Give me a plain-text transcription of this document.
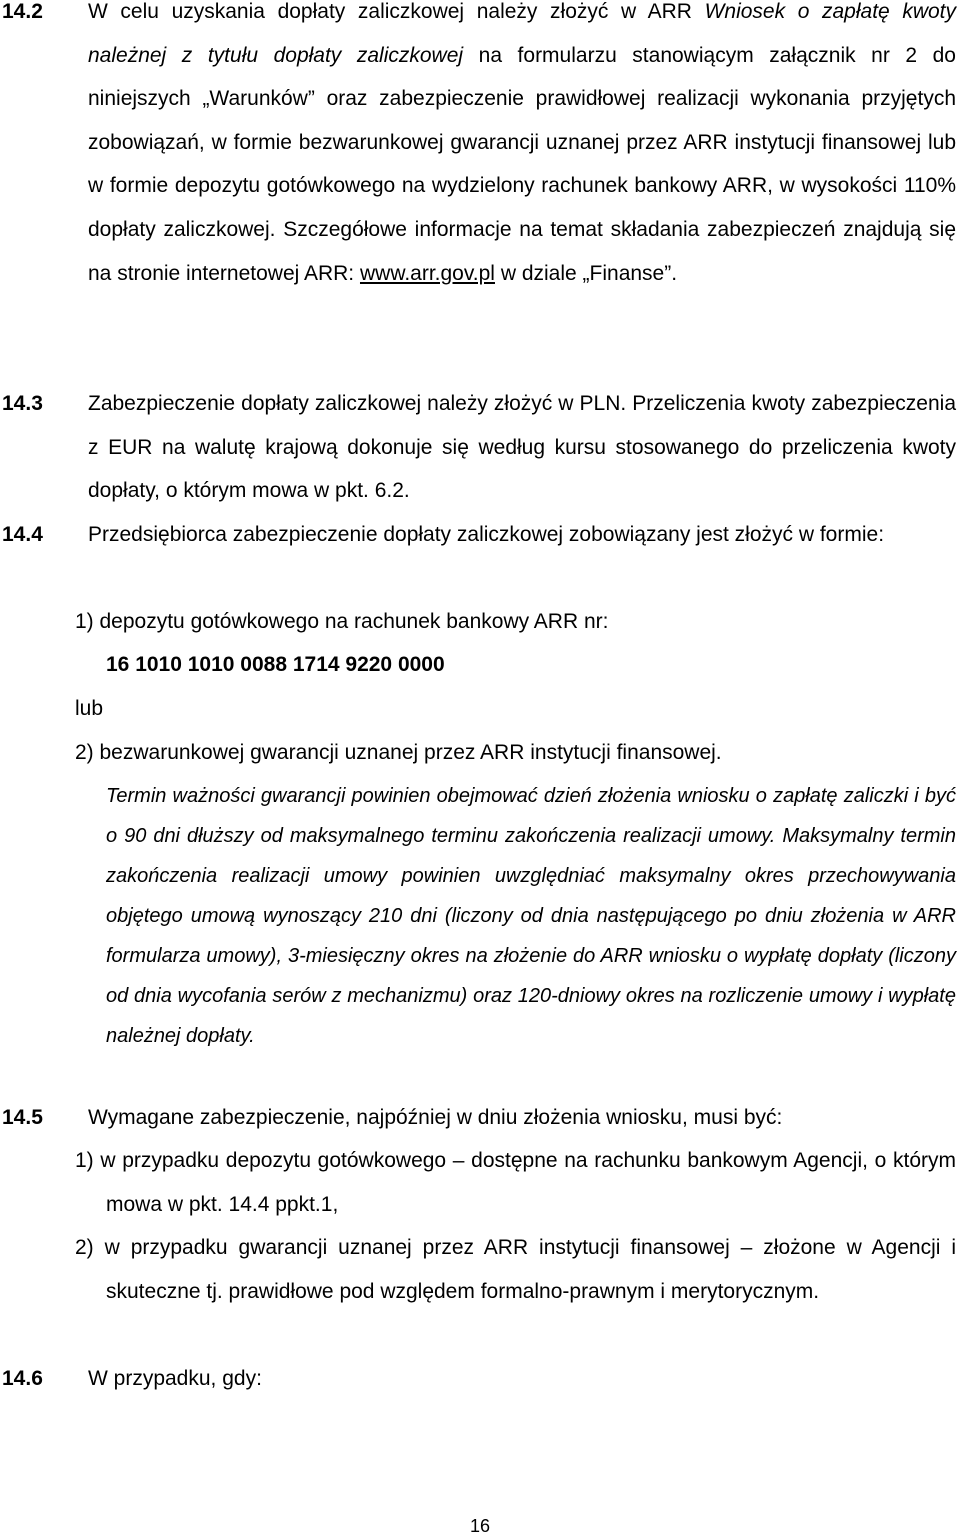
14.2 W celu uzyskania dopłaty zaliczkowej należy złożyć w ARR Wniosek o zapłatę kwoty należnej z tytułu dopłaty zaliczkowej na formularzu stanowiącym załącznik nr 2 do niniejszych „Warunków” oraz zabezpieczenie prawidłowej realizacji wykonania przyjętych zobowiązań, w formie bezwarunkowej gwarancji uznanej przez ARR instytucji finansowej lub w formie depozytu gotówkowego na wydzielony rachunek bankowy ARR, w wysokości 110% dopłaty zaliczkowej. Szczegółowe informacje na temat składania zabezpieczeń znajdują się na stronie internetowej ARR: www.arr.gov.pl w dziale „Finanse”.

14.3 Zabezpieczenie dopłaty zaliczkowej należy złożyć w PLN. Przeliczenia kwoty zabezpieczenia z EUR na walutę krajową dokonuje się według kursu stosowanego do przeliczenia kwoty dopłaty, o którym mowa w pkt. 6.2.

14.4 Przedsiębiorca zabezpieczenie dopłaty zaliczkowej zobowiązany jest złożyć w formie:

1) depozytu gotówkowego na rachunek bankowy ARR nr:
16 1010 1010 0088 1714 9220 0000
lub
2) bezwarunkowej gwarancji uznanej przez ARR instytucji finansowej.

Termin ważności gwarancji powinien obejmować dzień złożenia wniosku o zapłatę zaliczki i być o 90 dni dłuższy od maksymalnego terminu zakończenia realizacji umowy. Maksymalny termin zakończenia realizacji umowy powinien uwzględniać maksymalny okres przechowywania objętego umową wynoszący 210 dni (liczony od dnia następującego po dniu złożenia w ARR formularza umowy), 3-miesięczny okres na złożenie do ARR wniosku o wypłatę dopłaty (liczony od dnia wycofania serów z mechanizmu) oraz 120-dniowy okres na rozliczenie umowy i wypłatę należnej dopłaty.

14.5 Wymagane zabezpieczenie, najpóźniej w dniu złożenia wniosku, musi być:

1) w przypadku depozytu gotówkowego – dostępne na rachunku bankowym Agencji, o którym mowa w pkt. 14.4 ppkt.1,

2) w przypadku gwarancji uznanej przez ARR instytucji finansowej – złożone w Agencji i skuteczne tj. prawidłowe pod względem formalno-prawnym i merytorycznym.

14.6 W przypadku, gdy:

16
